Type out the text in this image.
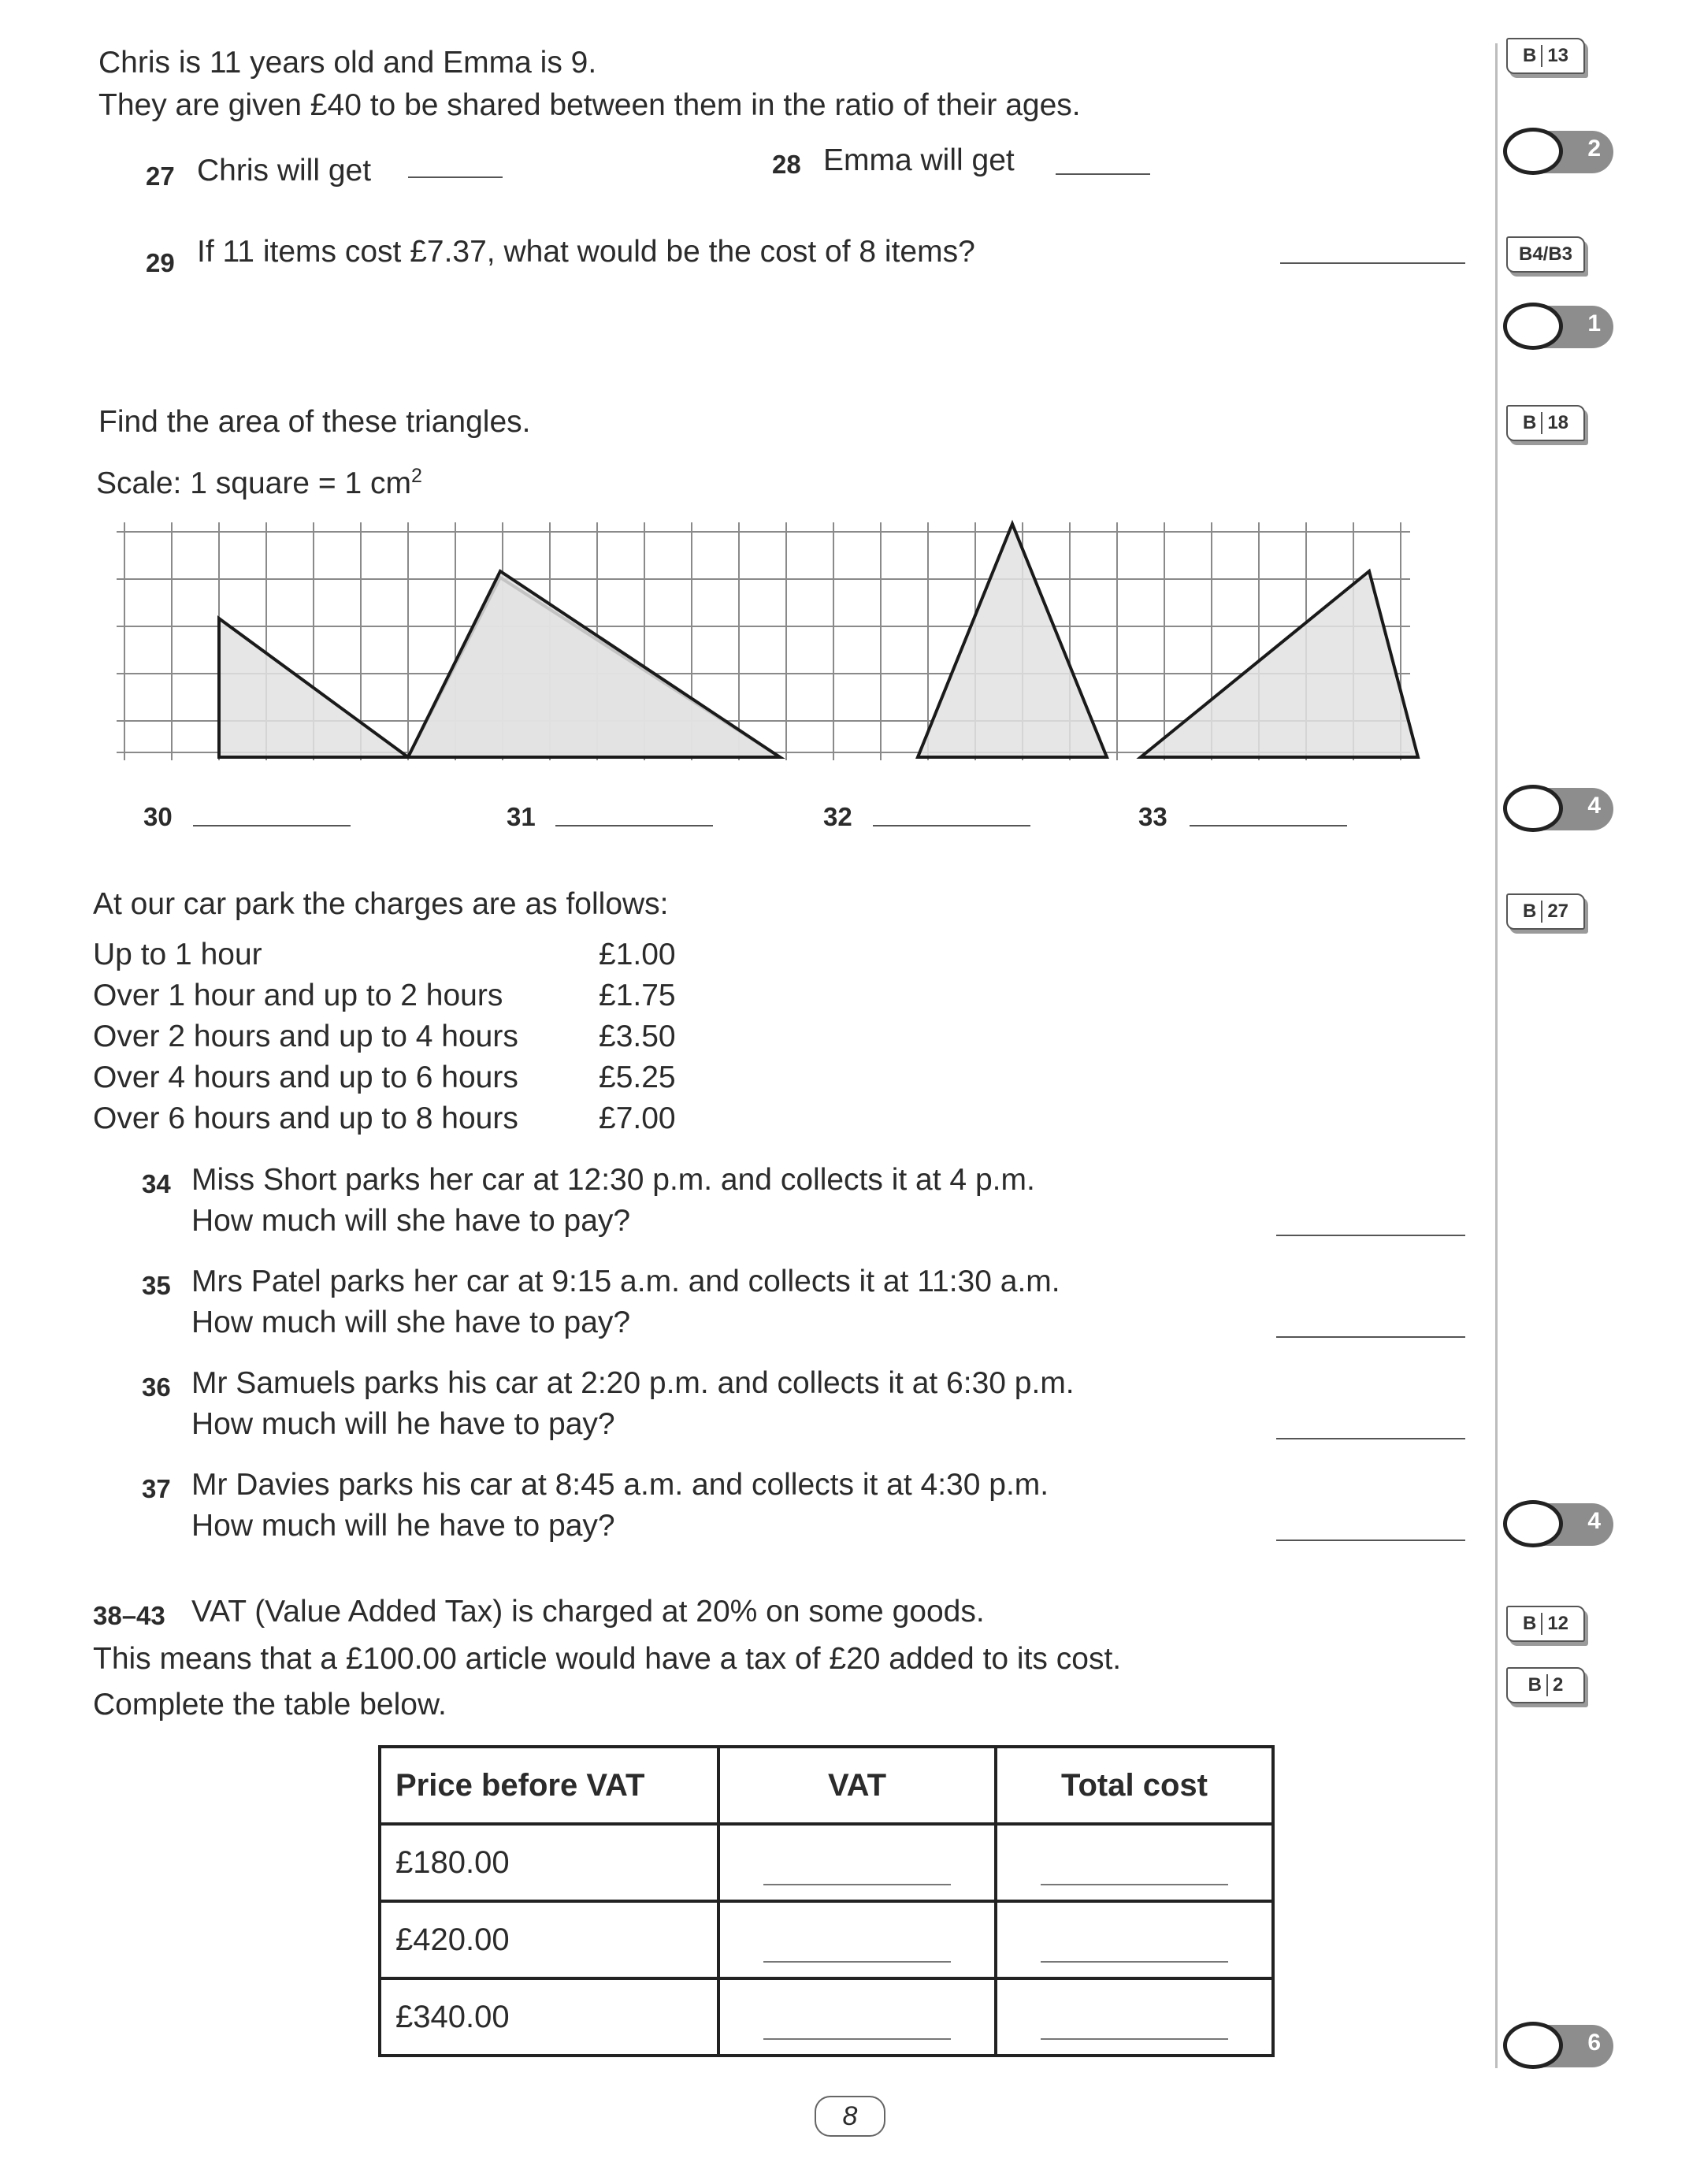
Chris is 11 years old and Emma is 9.
They are given £40 to be shared between them in the ratio of their ages.
27 Chris will get	28 Emma will get
29 If 11 items cost £7.37, what would be the cost of 8 items?
Find the area of these triangles.
Scale: 1 square = 1 $cm^2$
30	31	32	33
At our car park the charges are as follows:
Up to 1 hour	£1.00
Over 1 hour and up to 2 hours	£1.75
Over 2 hours and up to 4 hours	£3.50
Over 4 hours and up to 6 hours	£5.25
Over 6 hours and up to 8 hours	£7.00
34 Miss Short parks her car at 12:30 p.m. and collects it at 4 p.m.
How much will she have to pay?
35 Mrs Patel parks her car at 9:15 a.m. and collects it at 11:30 a.m.
How much will she have to pay?
36 Mr Samuels parks his car at 2:20 p.m. and collects it at 6:30 p.m.
How much will he have to pay?
37 Mr Davies parks his car at 8:45 a.m. and collects it at 4:30 p.m.
How much will he have to pay?
38–43 VAT (Value Added Tax) is charged at 20% on some goods.
This means that a £100.00 article would have a tax of £20 added to its cost.
Complete the table below.
Price before VAT	VAT	Total cost
£180.00	

£420.00	

£340.00	

B 13
2
B4/B3
1
B 18
4
B 27
4
B 12
B 2
6
8
